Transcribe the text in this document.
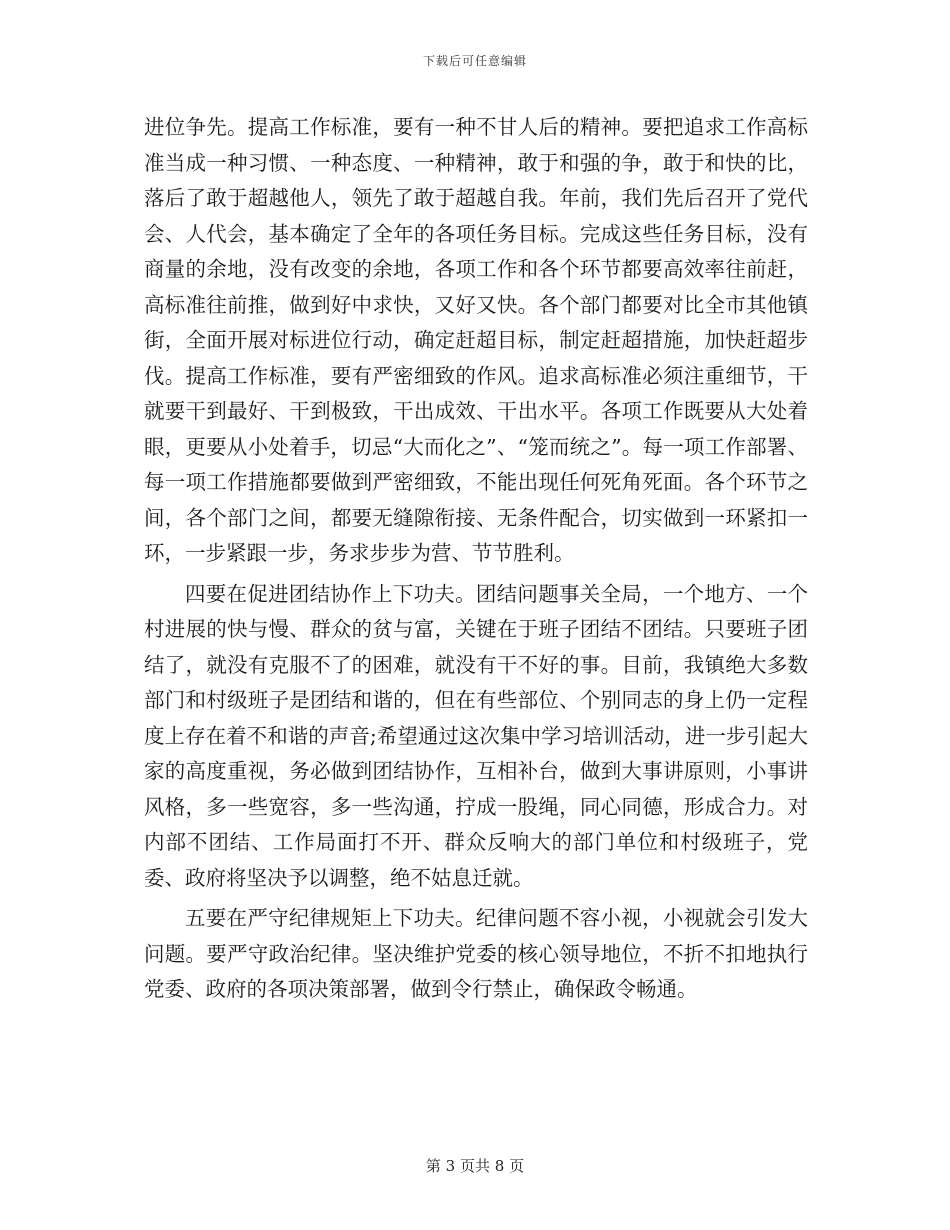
下载后可任意编辑

进位争先。提高工作标准，要有一种不甘人后的精神。要把追求工作高标准当成一种习惯、一种态度、一种精神，敢于和强的争，敢于和快的比，落后了敢于超越他人，领先了敢于超越自我。年前，我们先后召开了党代会、人代会，基本确定了全年的各项任务目标。完成这些任务目标，没有商量的余地，没有改变的余地，各项工作和各个环节都要高效率往前赶，高标准往前推，做到好中求快，又好又快。各个部门都要对比全市其他镇街，全面开展对标进位行动，确定赶超目标，制定赶超措施，加快赶超步伐。提高工作标准，要有严密细致的作风。追求高标准必须注重细节，干就要干到最好、干到极致，干出成效、干出水平。各项工作既要从大处着眼，更要从小处着手，切忌“大而化之”、“笼而统之”。每一项工作部署、每一项工作措施都要做到严密细致，不能出现任何死角死面。各个环节之间，各个部门之间，都要无缝隙衔接、无条件配合，切实做到一环紧扣一环，一步紧跟一步，务求步步为营、节节胜利。

四要在促进团结协作上下功夫。团结问题事关全局，一个地方、一个村进展的快与慢、群众的贫与富，关键在于班子团结不团结。只要班子团结了，就没有克服不了的困难，就没有干不好的事。目前，我镇绝大多数部门和村级班子是团结和谐的，但在有些部位、个别同志的身上仍一定程度上存在着不和谐的声音;希望通过这次集中学习培训活动，进一步引起大家的高度重视，务必做到团结协作，互相补台，做到大事讲原则，小事讲风格，多一些宽容，多一些沟通，拧成一股绳，同心同德，形成合力。对内部不团结、工作局面打不开、群众反响大的部门单位和村级班子，党委、政府将坚决予以调整，绝不姑息迁就。

五要在严守纪律规矩上下功夫。纪律问题不容小视，小视就会引发大问题。要严守政治纪律。坚决维护党委的核心领导地位，不折不扣地执行党委、政府的各项决策部署，做到令行禁止，确保政令畅通。

第 3 页共 8 页
